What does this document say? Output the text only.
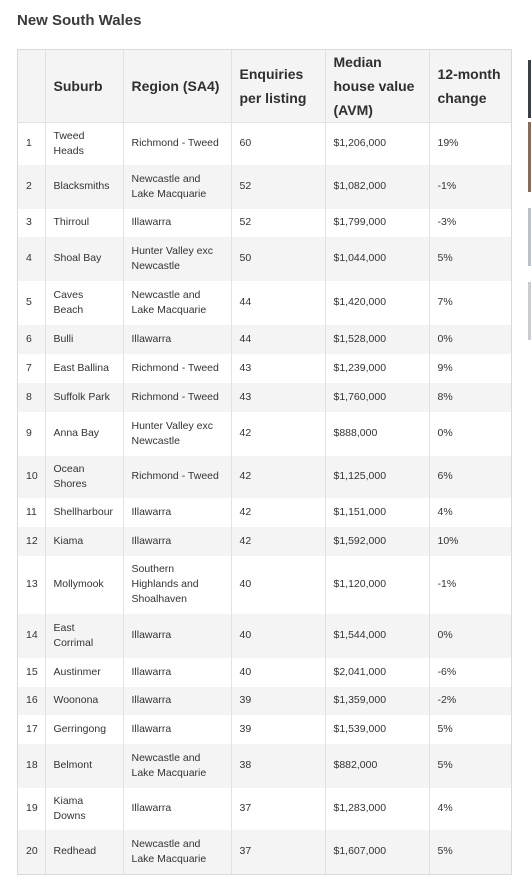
New South Wales
	Suburb	Region (SA4)	Enquiries per listing	Median house value (AVM)	12-month change
1	Tweed Heads	Richmond - Tweed	60	$1,206,000	19%
2	Blacksmiths	Newcastle and Lake Macquarie	52	$1,082,000	-1%
3	Thirroul	Illawarra	52	$1,799,000	-3%
4	Shoal Bay	Hunter Valley exc Newcastle	50	$1,044,000	5%
5	Caves Beach	Newcastle and Lake Macquarie	44	$1,420,000	7%
6	Bulli	Illawarra	44	$1,528,000	0%
7	East Ballina	Richmond - Tweed	43	$1,239,000	9%
8	Suffolk Park	Richmond - Tweed	43	$1,760,000	8%
9	Anna Bay	Hunter Valley exc Newcastle	42	$888,000	0%
10	Ocean Shores	Richmond - Tweed	42	$1,125,000	6%
11	Shellharbour	Illawarra	42	$1,151,000	4%
12	Kiama	Illawarra	42	$1,592,000	10%
13	Mollymook	Southern Highlands and Shoalhaven	40	$1,120,000	-1%
14	East Corrimal	Illawarra	40	$1,544,000	0%
15	Austinmer	Illawarra	40	$2,041,000	-6%
16	Woonona	Illawarra	39	$1,359,000	-2%
17	Gerringong	Illawarra	39	$1,539,000	5%
18	Belmont	Newcastle and Lake Macquarie	38	$882,000	5%
19	Kiama Downs	Illawarra	37	$1,283,000	4%
20	Redhead	Newcastle and Lake Macquarie	37	$1,607,000	5%
